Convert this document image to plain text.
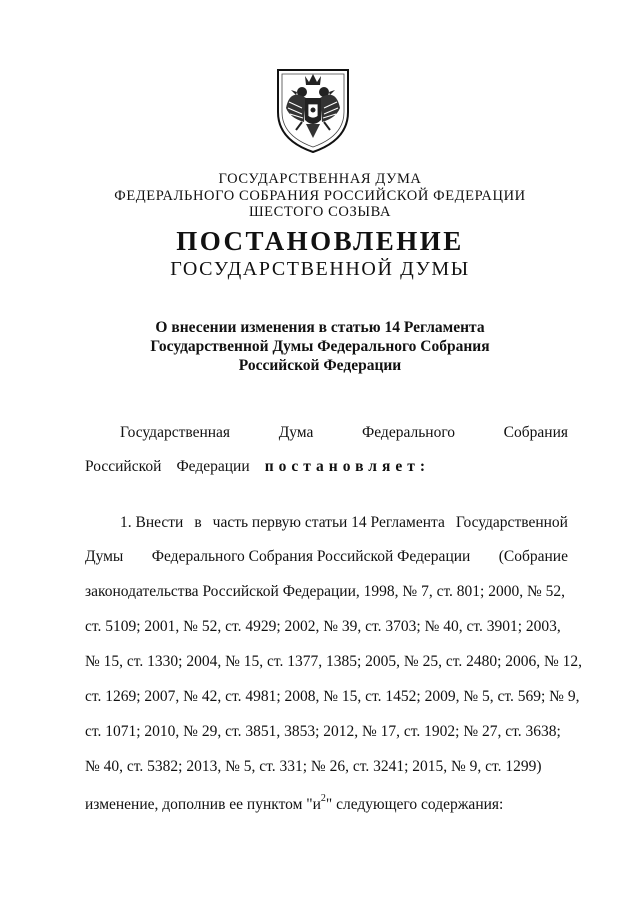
ГОСУДАРСТВЕННАЯ ДУМА
ФЕДЕРАЛЬНОГО СОБРАНИЯ РОССИЙСКОЙ ФЕДЕРАЦИИ
ШЕСТОГО СОЗЫВА
ПОСТАНОВЛЕНИЕ
ГОСУДАРСТВЕННОЙ ДУМЫ
О внесении изменения в статью 14 Регламента
Государственной Думы Федерального Собрания
Российской Федерации
Государственная	Дума	Федерального	Собрания
Российской Федерации постановляет:
1. Внести в часть первую статьи 14 Регламента Государственной
Думы Федерального Собрания Российской Федерации (Собрание
законодательства Российской Федерации, 1998, № 7, ст. 801; 2000, № 52,
ст. 5109; 2001, № 52, ст. 4929; 2002, № 39, ст. 3703; № 40, ст. 3901; 2003,
№ 15, ст. 1330; 2004, № 15, ст. 1377, 1385; 2005, № 25, ст. 2480; 2006, № 12,
ст. 1269; 2007, № 42, ст. 4981; 2008, № 15, ст. 1452; 2009, № 5, ст. 569; № 9,
ст. 1071; 2010, № 29, ст. 3851, 3853; 2012, № 17, ст. 1902; № 27, ст. 3638;
№ 40, ст. 5382; 2013, № 5, ст. 331; № 26, ст. 3241; 2015, № 9, ст. 1299)
изменение, дополнив ее пунктом "$и^2$" следующего содержания:
